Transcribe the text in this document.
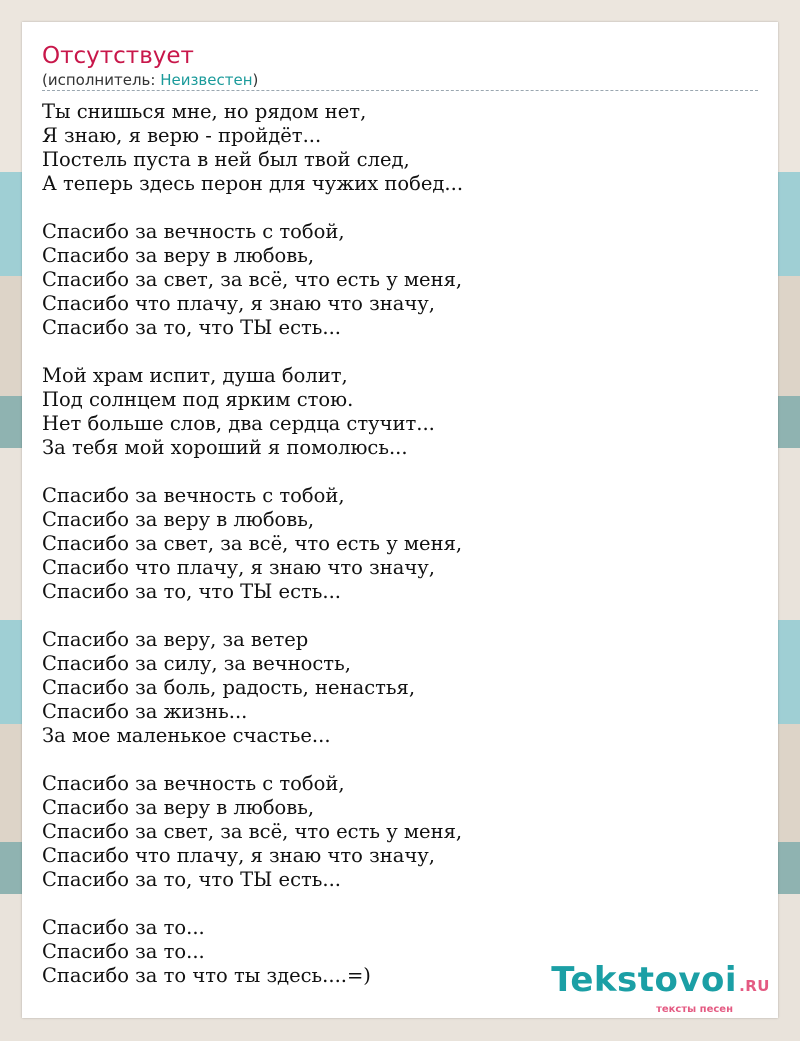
Отсутствует
(исполнитель: Неизвестен)
Ты снишься мне, но рядом нет,
Я знаю, я верю - пройдёт...
Постель пуста в ней был твой след,
А теперь здесь перон для чужих побед...

Спасибо за вечность с тобой,
Спасибо за веру в любовь,
Спасибо за свет, за всё, что есть у меня,
Спасибо что плачу, я знаю что значу,
Спасибо за то, что ТЫ есть...

Мой храм испит, душа болит,
Под солнцем под ярким стою.
Нет больше слов, два сердца стучит...
За тебя мой хороший я помолюсь...

Спасибо за вечность с тобой,
Спасибо за веру в любовь,
Спасибо за свет, за всё, что есть у меня,
Спасибо что плачу, я знаю что значу,
Спасибо за то, что ТЫ есть...

Спасибо за веру, за ветер
Спасибо за силу, за вечность,
Спасибо за боль, радость, ненастья,
Спасибо за жизнь...
За мое маленькое счастье...

Спасибо за вечность с тобой,
Спасибо за веру в любовь,
Спасибо за свет, за всё, что есть у меня,
Спасибо что плачу, я знаю что значу,
Спасибо за то, что ТЫ есть...

Спасибо за то...
Спасибо за то...
Спасибо за то что ты здесь....=)	Tekstovoi .RU
тексты песен
